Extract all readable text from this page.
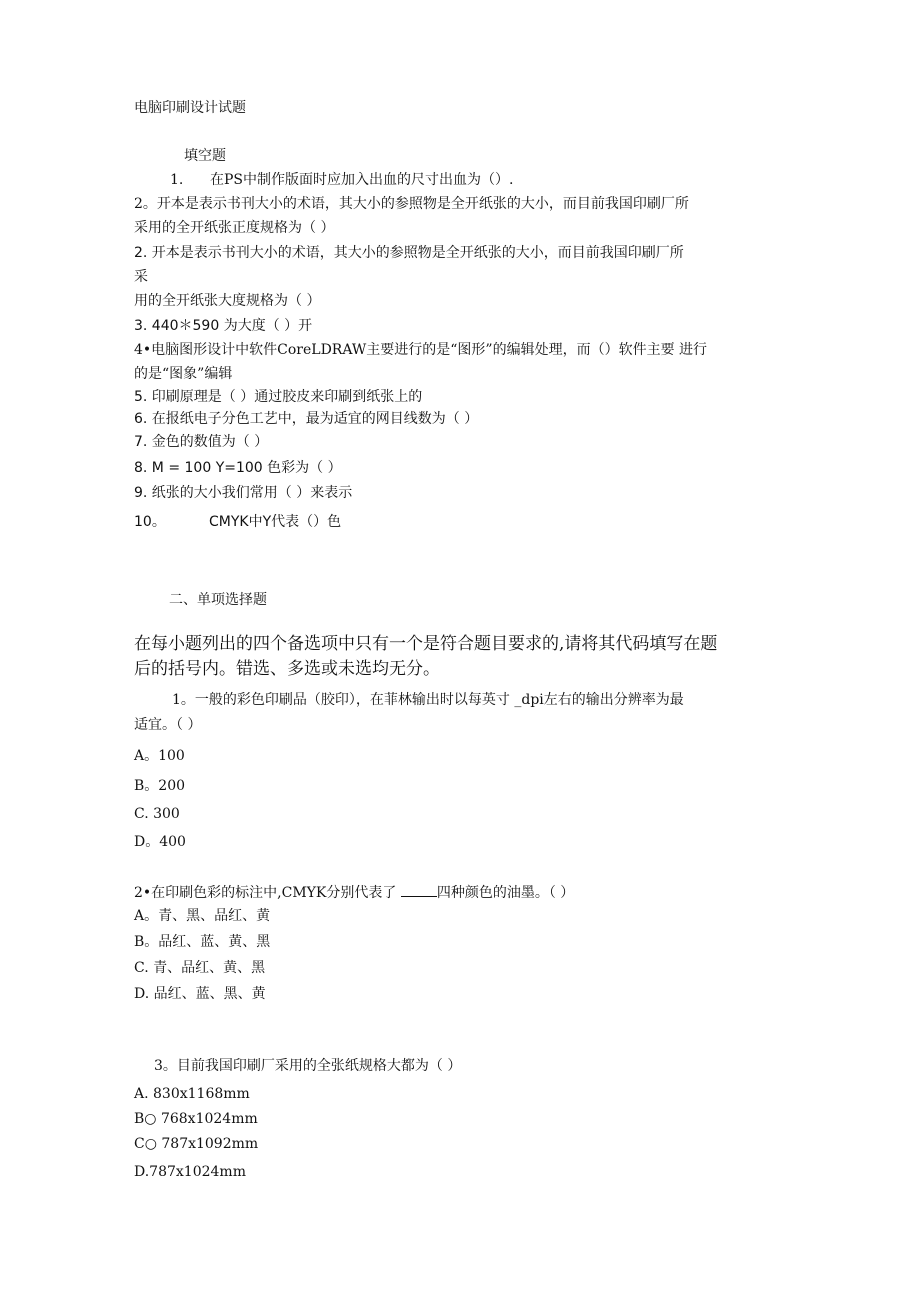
电脑印刷设计试题
填空题
1. 在PS中制作版面时应加入出血的尺寸出血为（）.
2。开本是表示书刊大小的术语，其大小的参照物是全开纸张的大小，而目前我国印刷厂所
采用的全开纸张正度规格为（ ）
2. 开本是表示书刊大小的术语，其大小的参照物是全开纸张的大小，而目前我国印刷厂所
采
用的全开纸张大度规格为（ ）
3. 440＊590 为大度（ ）开
4•电脑图形设计中软件CoreLDRAW主要进行的是“图形”的编辑处理，而（）软件主要 进行
的是“图象”编辑
5. 印刷原理是（ ）通过胶皮来印刷到纸张上的
6. 在报纸电子分色工艺中，最为适宜的网目线数为（ ）
7. 金色的数值为（ ）
8. M = 100 Y=100 色彩为（ ）
9. 纸张的大小我们常用（ ）来表示
10。	CMYK中Y代表（）色
二、单项选择题
在每小题列出的四个备选项中只有一个是符合题目要求的,请将其代码填写在题
后的括号内。错选、多选或未选均无分。
1。一般的彩色印刷品（胶印），在菲林输出时以每英寸 _dpi左右的输出分辨率为最
适宜。（ ）
A。100
B。200
C. 300
D。400
2•在印刷色彩的标注中,CMYK分别代表了	四种颜色的油墨。（ ）
A。青、黑、品红、黄
B。品红、蓝、黄、黑
C. 青、品红、黄、黑
D. 品红、蓝、黑、黄
3。目前我国印刷厂采用的全张纸规格大都为（ ）
A. 830x1168mm
B○ 768x1024mm
C○ 787x1092mm
D.787x1024mm
